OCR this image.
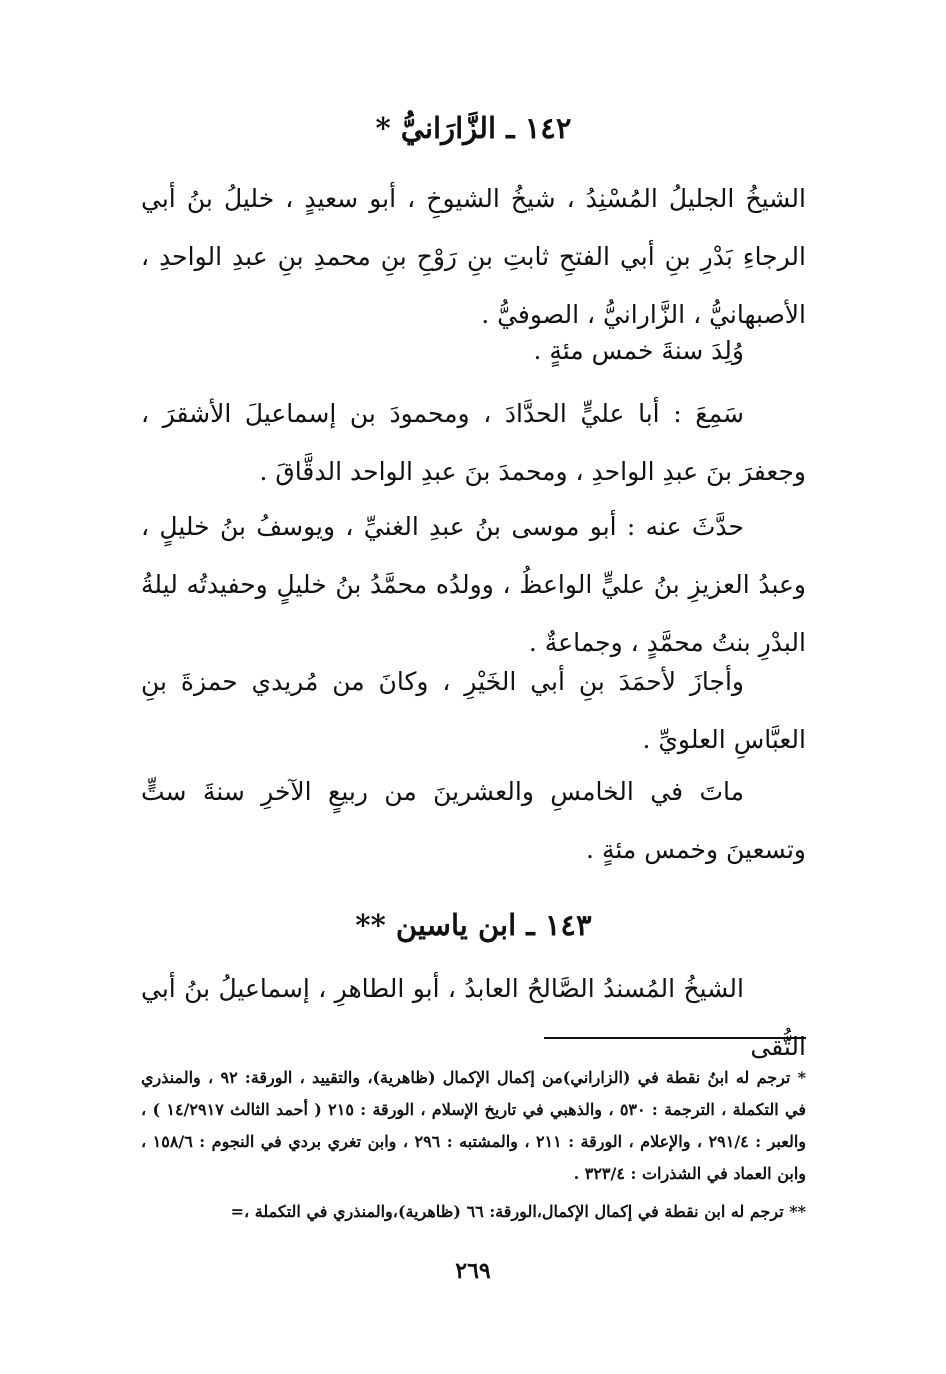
١٤٢ ـ الزَّارَانيُّ *

الشيخُ الجليلُ المُسْنِدُ ، شيخُ الشيوخِ ، أبو سعيدٍ ، خليلُ بنُ أبي الرجاءِ بَدْرِ بنِ أبي الفتحِ ثابتِ بنِ رَوْحِ بنِ محمدِ بنِ عبدِ الواحدِ ، الأصبهانيُّ ، الزَّارانيُّ ، الصوفيُّ .

وُلِدَ سنةَ خمس مئةٍ .

سَمِعَ : أبا عليٍّ الحدَّادَ ، ومحمودَ بن إسماعيلَ الأشقرَ ، وجعفرَ بنَ عبدِ الواحدِ ، ومحمدَ بنَ عبدِ الواحد الدقَّاقَ .

حدَّثَ عنه : أبو موسى بنُ عبدِ الغنيِّ ، ويوسفُ بنُ خليلٍ ، وعبدُ العزيزِ بنُ عليٍّ الواعظُ ، وولدُه محمَّدُ بنُ خليلٍ وحفيدتُه ليلةُ البدْرِ بنتُ محمَّدٍ ، وجماعةٌ .

وأجازَ لأحمَدَ بنِ أبي الخَيْرِ ، وكانَ من مُريدي حمزةَ بنِ العبَّاسِ العلويِّ .

ماتَ في الخامسِ والعشرينَ من ربيعٍ الآخرِ سنةَ ستٍّ وتسعينَ وخمس مئةٍ .

١٤٣ ـ ابن ياسين **

الشيخُ المُسندُ الصَّالحُ العابدُ ، أبو الطاهرِ ، إسماعيلُ بنُ أبي التُّقى

* ترجم له ابنُ نقطة في (الزاراني)من إكمال الإكمال (ظاهرية)، والتقييد ، الورقة: ٩٢ ، والمنذري في التكملة ، الترجمة : ٥٣٠ ، والذهبي في تاريخ الإسلام ، الورقة : ٢١٥ ( أحمد الثالث ١٤/٢٩١٧ ) ، والعبر : ٢٩١/٤ ، والإعلام ، الورقة : ٢١١ ، والمشتبه : ٢٩٦ ، وابن تغري بردي في النجوم : ١٥٨/٦ ، وابن العماد في الشذرات : ٣٢٣/٤ .

** ترجم له ابن نقطة في إكمال الإكمال،الورقة: ٦٦ (ظاهرية)،والمنذري في التكملة ،=

٢٦٩
